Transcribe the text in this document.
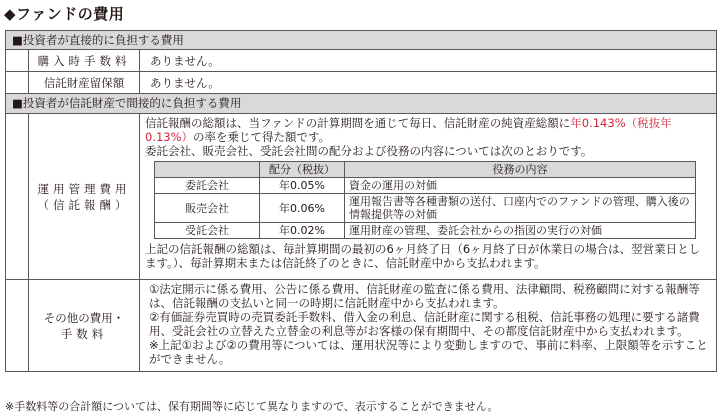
◆ファンドの費用
■投資者が直接的に負担する費用
購入時手数料	ありません。
信託財産留保額	ありません。
■投資者が信託財産で間接的に負担する費用
運用管理費用
（信託報酬）
信託報酬の総額は、当ファンドの計算期間を通じて毎日、信託財産の純資産総額に年0.143%（税抜年0.13%）の率を乗じて得た額です。
委託会社、販売会社、受託会社間の配分および役務の内容については次のとおりです。
	配分（税抜）	役務の内容
委託会社	年0.05%	資金の運用の対価
販売会社	年0.06%	運用報告書等各種書類の送付、口座内でのファンドの管理、購入後の情報提供等の対価
受託会社	年0.02%	運用財産の管理、委託会社からの指図の実行の対価
上記の信託報酬の総額は、毎計算期間の最初の6ヶ月終了日（6ヶ月終了日が休業日の場合は、翌営業日とします。）、毎計算期末または信託終了のときに、信託財産中から支払われます。
その他の費用・
手数料
①法定開示に係る費用、公告に係る費用、信託財産の監査に係る費用、法律顧問、税務顧問に対する報酬等は、信託報酬の支払いと同一の時期に信託財産中から支払われます。
②有価証券売買時の売買委託手数料、借入金の利息、信託財産に関する租税、信託事務の処理に要する諸費用、受託会社の立替えた立替金の利息等がお客様の保有期間中、その都度信託財産中から支払われます。
※上記①および②の費用等については、運用状況等により変動しますので、事前に料率、上限額等を示すことができません。
※手数料等の合計額については、保有期間等に応じて異なりますので、表示することができません。
